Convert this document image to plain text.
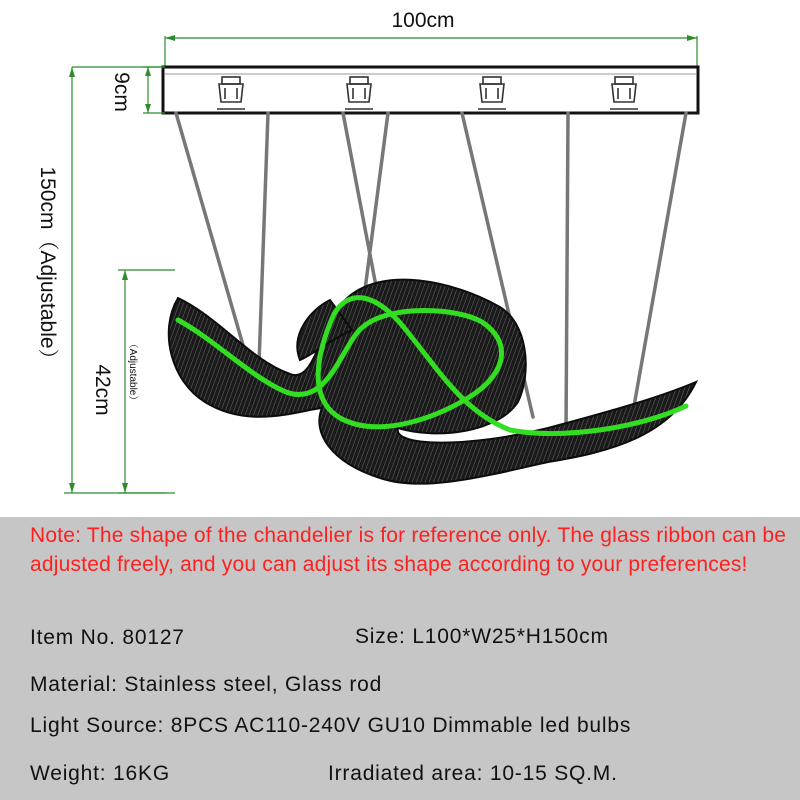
100cm
9cm
150cm（Adjustable）
42cm （Adjustable）
Note: The shape of the chandelier is for reference only. The glass ribbon can be adjusted freely, and you can adjust its shape according to your preferences!
Item No. 80127	Size: L100*W25*H150cm
Material: Stainless steel, Glass rod
Light Source: 8PCS AC110-240V GU10 Dimmable led bulbs
Weight: 16KG	Irradiated area: 10-15 SQ.M.
